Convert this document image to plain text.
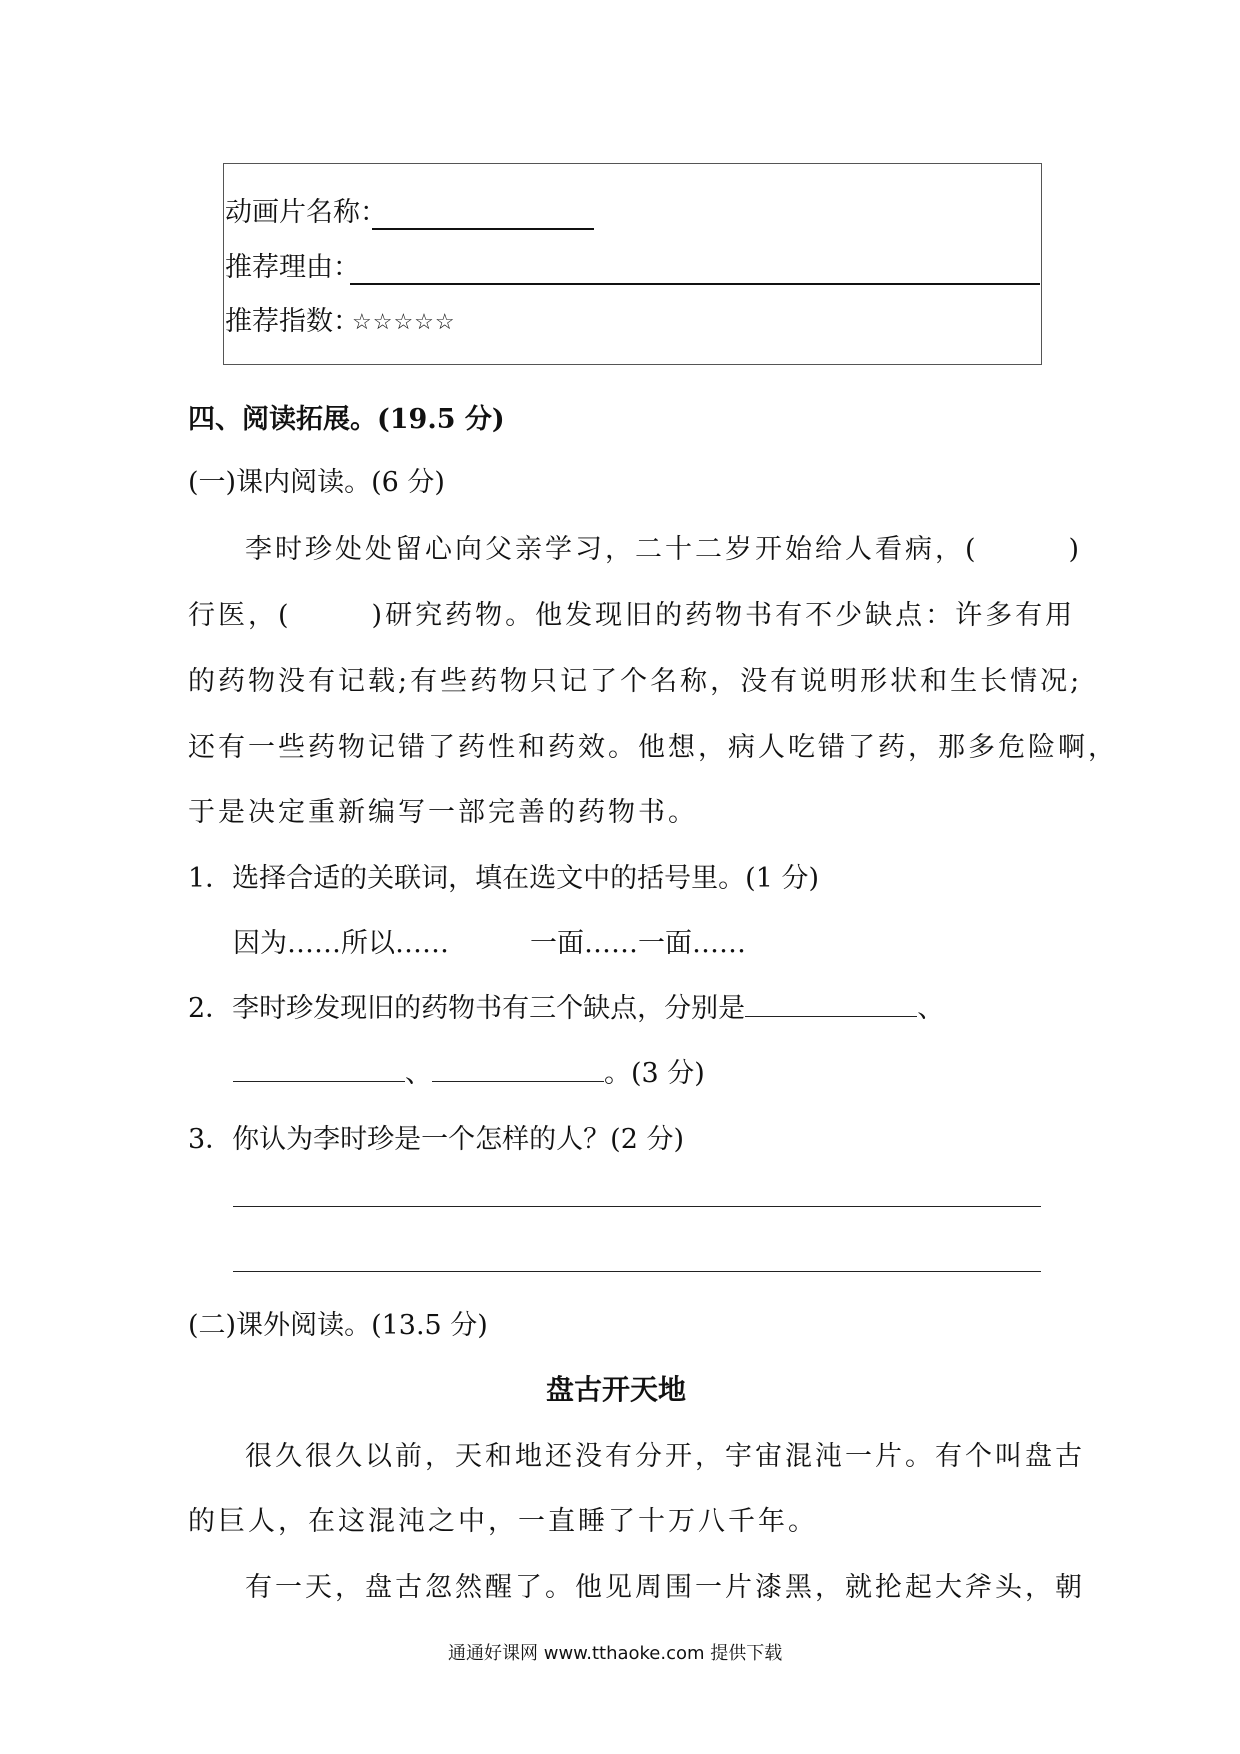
动画片名称：
推荐理由：
推荐指数：
☆☆☆☆☆
四、阅读拓展。(19.5 分)
(一)课内阅读。(6 分)
李时珍处处留心向父亲学习，二十二岁开始给人看病，(	)
行医，(	)研究药物。他发现旧的药物书有不少缺点：许多有用
的药物没有记载;有些药物只记了个名称，没有说明形状和生长情况;
还有一些药物记错了药性和药效。他想，病人吃错了药，那多危险啊，
于是决定重新编写一部完善的药物书。
1．选择合适的关联词，填在选文中的括号里。(1 分)
因为……所以……　　　一面……一面……
2．李时珍发现旧的药物书有三个缺点，分别是	、
、	。(3 分)
3．你认为李时珍是一个怎样的人？(2 分)
(二)课外阅读。(13.5 分)
盘古开天地
很久很久以前，天和地还没有分开，宇宙混沌一片。有个叫盘古
的巨人，在这混沌之中，一直睡了十万八千年。
有一天，盘古忽然醒了。他见周围一片漆黑，就抡起大斧头，朝
通通好课网 www.tthaoke.com 提供下载
